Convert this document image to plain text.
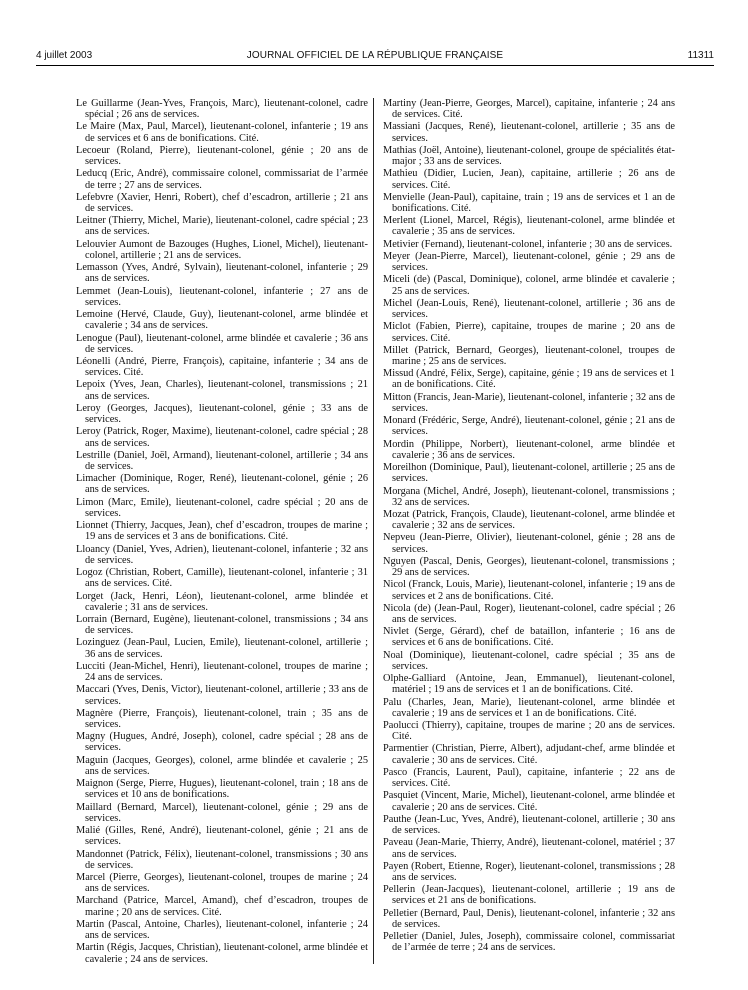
4 juillet 2003	JOURNAL OFFICIEL DE LA RÉPUBLIQUE FRANÇAISE	11311

Le Guillarme (Jean-Yves, François, Marc), lieutenant-colonel, cadre spécial ; 26 ans de services.

Le Maire (Max, Paul, Marcel), lieutenant-colonel, infanterie ; 19 ans de services et 6 ans de bonifications. Cité.

Lecoeur (Roland, Pierre), lieutenant-colonel, génie ; 20 ans de services.

Leducq (Eric, André), commissaire colonel, commissariat de l’armée de terre ; 27 ans de services.

Lefebvre (Xavier, Henri, Robert), chef d’escadron, artillerie ; 21 ans de services.

Leitner (Thierry, Michel, Marie), lieutenant-colonel, cadre spécial ; 23 ans de services.

Lelouvier Aumont de Bazouges (Hughes, Lionel, Michel), lieutenant-colonel, artillerie ; 21 ans de services.

Lemasson (Yves, André, Sylvain), lieutenant-colonel, infanterie ; 29 ans de services.

Lemmet (Jean-Louis), lieutenant-colonel, infanterie ; 27 ans de services.

Lemoine (Hervé, Claude, Guy), lieutenant-colonel, arme blindée et cavalerie ; 34 ans de services.

Lenogue (Paul), lieutenant-colonel, arme blindée et cavalerie ; 36 ans de services.

Léonelli (André, Pierre, François), capitaine, infanterie ; 34 ans de services. Cité.

Lepoix (Yves, Jean, Charles), lieutenant-colonel, transmissions ; 21 ans de services.

Leroy (Georges, Jacques), lieutenant-colonel, génie ; 33 ans de services.

Leroy (Patrick, Roger, Maxime), lieutenant-colonel, cadre spécial ; 28 ans de services.

Lestrille (Daniel, Joël, Armand), lieutenant-colonel, artillerie ; 34 ans de services.

Limacher (Dominique, Roger, René), lieutenant-colonel, génie ; 26 ans de services.

Limon (Marc, Emile), lieutenant-colonel, cadre spécial ; 20 ans de services.

Lionnet (Thierry, Jacques, Jean), chef d’escadron, troupes de marine ; 19 ans de services et 3 ans de bonifications. Cité.

Lloancy (Daniel, Yves, Adrien), lieutenant-colonel, infanterie ; 32 ans de services.

Logoz (Christian, Robert, Camille), lieutenant-colonel, infanterie ; 31 ans de services. Cité.

Lorget (Jack, Henri, Léon), lieutenant-colonel, arme blindée et cavalerie ; 31 ans de services.

Lorrain (Bernard, Eugène), lieutenant-colonel, transmissions ; 34 ans de services.

Lozinguez (Jean-Paul, Lucien, Emile), lieutenant-colonel, artillerie ; 36 ans de services.

Lucciti (Jean-Michel, Henri), lieutenant-colonel, troupes de marine ; 24 ans de services.

Maccari (Yves, Denis, Victor), lieutenant-colonel, artillerie ; 33 ans de services.

Magnère (Pierre, François), lieutenant-colonel, train ; 35 ans de services.

Magny (Hugues, André, Joseph), colonel, cadre spécial ; 28 ans de services.

Maguin (Jacques, Georges), colonel, arme blindée et cavalerie ; 25 ans de services.

Maignon (Serge, Pierre, Hugues), lieutenant-colonel, train ; 18 ans de services et 10 ans de bonifications.

Maillard (Bernard, Marcel), lieutenant-colonel, génie ; 29 ans de services.

Malié (Gilles, René, André), lieutenant-colonel, génie ; 21 ans de services.

Mandonnet (Patrick, Félix), lieutenant-colonel, transmissions ; 30 ans de services.

Marcel (Pierre, Georges), lieutenant-colonel, troupes de marine ; 24 ans de services.

Marchand (Patrice, Marcel, Amand), chef d’escadron, troupes de marine ; 20 ans de services. Cité.

Martin (Pascal, Antoine, Charles), lieutenant-colonel, infanterie ; 24 ans de services.

Martin (Régis, Jacques, Christian), lieutenant-colonel, arme blindée et cavalerie ; 24 ans de services.

Martiny (Jean-Pierre, Georges, Marcel), capitaine, infanterie ; 24 ans de services. Cité.

Massiani (Jacques, René), lieutenant-colonel, artillerie ; 35 ans de services.

Mathias (Joël, Antoine), lieutenant-colonel, groupe de spécialités état-major ; 33 ans de services.

Mathieu (Didier, Lucien, Jean), capitaine, artillerie ; 26 ans de services. Cité.

Menvielle (Jean-Paul), capitaine, train ; 19 ans de services et 1 an de bonifications. Cité.

Merlent (Lionel, Marcel, Régis), lieutenant-colonel, arme blindée et cavalerie ; 35 ans de services.

Metivier (Fernand), lieutenant-colonel, infanterie ; 30 ans de services.

Meyer (Jean-Pierre, Marcel), lieutenant-colonel, génie ; 29 ans de services.

Miceli (de) (Pascal, Dominique), colonel, arme blindée et cavalerie ; 25 ans de services.

Michel (Jean-Louis, René), lieutenant-colonel, artillerie ; 36 ans de services.

Miclot (Fabien, Pierre), capitaine, troupes de marine ; 20 ans de services. Cité.

Millet (Patrick, Bernard, Georges), lieutenant-colonel, troupes de marine ; 25 ans de services.

Missud (André, Félix, Serge), capitaine, génie ; 19 ans de services et 1 an de bonifications. Cité.

Mitton (Francis, Jean-Marie), lieutenant-colonel, infanterie ; 32 ans de services.

Monard (Frédéric, Serge, André), lieutenant-colonel, génie ; 21 ans de services.

Mordin (Philippe, Norbert), lieutenant-colonel, arme blindée et cavalerie ; 36 ans de services.

Moreilhon (Dominique, Paul), lieutenant-colonel, artillerie ; 25 ans de services.

Morgana (Michel, André, Joseph), lieutenant-colonel, transmissions ; 32 ans de services.

Mozat (Patrick, François, Claude), lieutenant-colonel, arme blindée et cavalerie ; 32 ans de services.

Nepveu (Jean-Pierre, Olivier), lieutenant-colonel, génie ; 28 ans de services.

Nguyen (Pascal, Denis, Georges), lieutenant-colonel, transmissions ; 29 ans de services.

Nicol (Franck, Louis, Marie), lieutenant-colonel, infanterie ; 19 ans de services et 2 ans de bonifications. Cité.

Nicola (de) (Jean-Paul, Roger), lieutenant-colonel, cadre spécial ; 26 ans de services.

Nivlet (Serge, Gérard), chef de bataillon, infanterie ; 16 ans de services et 6 ans de bonifications. Cité.

Noal (Dominique), lieutenant-colonel, cadre spécial ; 35 ans de services.

Olphe-Galliard (Antoine, Jean, Emmanuel), lieutenant-colonel, matériel ; 19 ans de services et 1 an de bonifications. Cité.

Palu (Charles, Jean, Marie), lieutenant-colonel, arme blindée et cavalerie ; 19 ans de services et 1 an de bonifications. Cité.

Paolucci (Thierry), capitaine, troupes de marine ; 20 ans de services. Cité.

Parmentier (Christian, Pierre, Albert), adjudant-chef, arme blindée et cavalerie ; 30 ans de services. Cité.

Pasco (Francis, Laurent, Paul), capitaine, infanterie ; 22 ans de services. Cité.

Pasquiet (Vincent, Marie, Michel), lieutenant-colonel, arme blindée et cavalerie ; 20 ans de services. Cité.

Pauthe (Jean-Luc, Yves, André), lieutenant-colonel, artillerie ; 30 ans de services.

Paveau (Jean-Marie, Thierry, André), lieutenant-colonel, matériel ; 37 ans de services.

Payen (Robert, Etienne, Roger), lieutenant-colonel, transmissions ; 28 ans de services.

Pellerin (Jean-Jacques), lieutenant-colonel, artillerie ; 19 ans de services et 21 ans de bonifications.

Pelletier (Bernard, Paul, Denis), lieutenant-colonel, infanterie ; 32 ans de services.

Pelletier (Daniel, Jules, Joseph), commissaire colonel, commissariat de l’armée de terre ; 24 ans de services.
